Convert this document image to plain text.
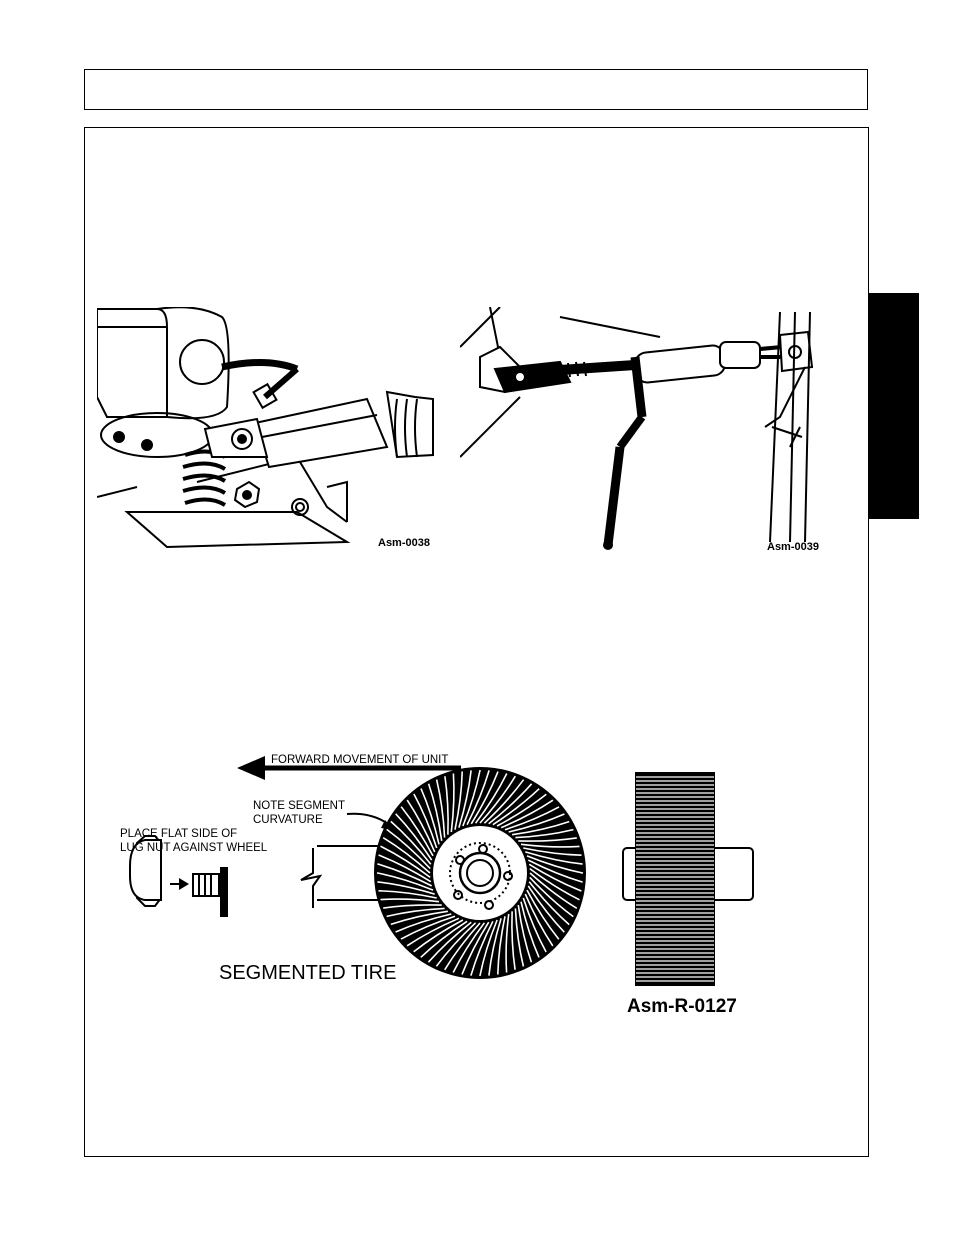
Asm-0038	Asm-0039
FORWARD MOVEMENT OF UNIT
NOTE SEGMENT
CURVATURE
PLACE FLAT SIDE OF
LUG NUT AGAINST WHEEL
SEGMENTED TIRE
Asm-R-0127
